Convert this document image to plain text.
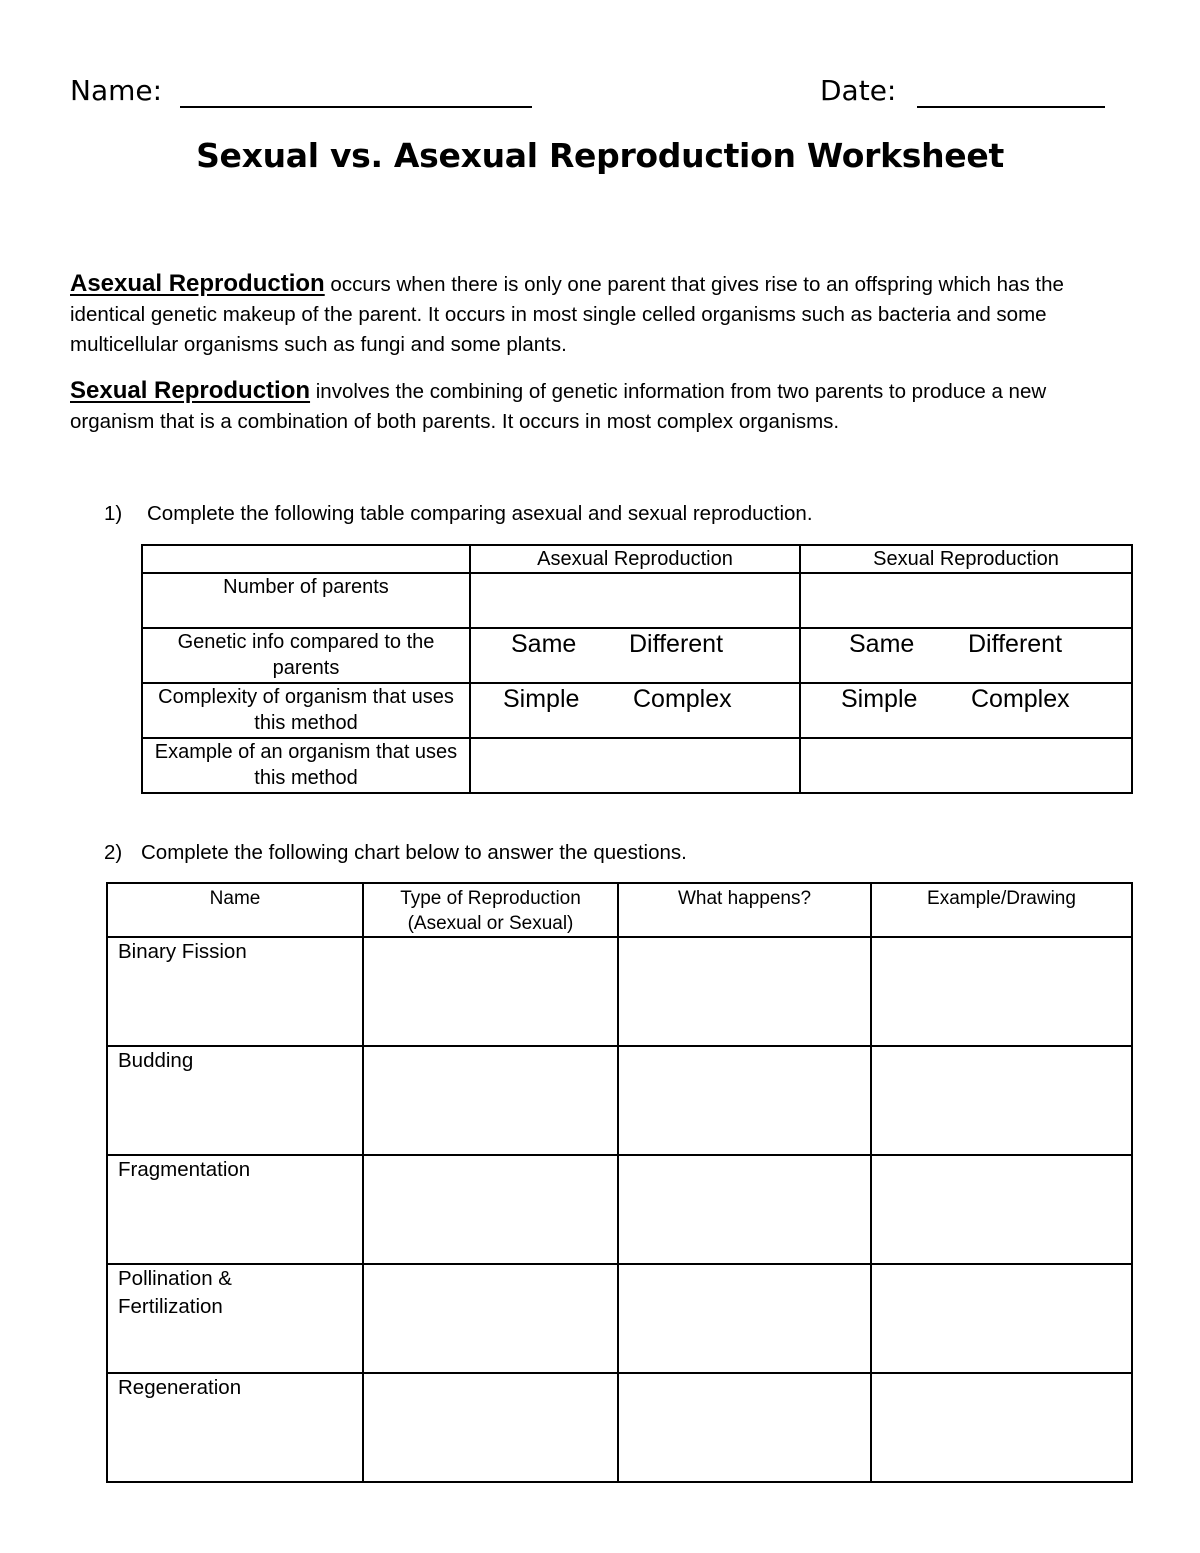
Name:	Date:
Sexual vs. Asexual Reproduction Worksheet

Asexual Reproduction occurs when there is only one parent that gives rise to an offspring which has the identical genetic makeup of the parent. It occurs in most single celled organisms such as bacteria and some multicellular organisms such as fungi and some plants.

Sexual Reproduction involves the combining of genetic information from two parents to produce a new organism that is a combination of both parents. It occurs in most complex organisms.

1) Complete the following table comparing asexual and sexual reproduction.
	Asexual Reproduction	Sexual Reproduction
Number of parents		
Genetic info compared to the parents	Same Different	Same Different

Complexity of organism that uses this method	Simple Complex	Simple Complex

Example of an organism that uses this method		
2) Complete the following chart below to answer the questions.
Name	Type of Reproduction (Asexual or Sexual)	What happens?	Example/Drawing
Binary Fission			
Budding			
Fragmentation			
Pollination & Fertilization			
Regeneration			
